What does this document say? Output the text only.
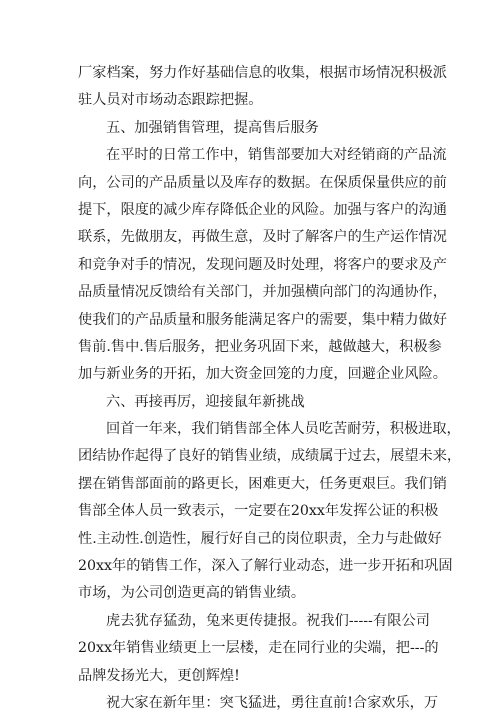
厂家档案，努力作好基础信息的收集，根据市场情况积极派
驻人员对市场动态跟踪把握。
五、加强销售管理，提高售后服务
在平时的日常工作中，销售部要加大对经销商的产品流
向，公司的产品质量以及库存的数据。在保质保量供应的前
提下，限度的减少库存降低企业的风险。加强与客户的沟通
联系，先做朋友，再做生意，及时了解客户的生产运作情况
和竞争对手的情况，发现问题及时处理，将客户的要求及产
品质量情况反馈给有关部门，并加强横向部门的沟通协作，
使我们的产品质量和服务能满足客户的需要，集中精力做好
售前.售中.售后服务，把业务巩固下来，越做越大，积极参
加与新业务的开拓，加大资金回笼的力度，回避企业风险。
六、再接再厉，迎接鼠年新挑战
回首一年来，我们销售部全体人员吃苦耐劳，积极进取，
团结协作起得了良好的销售业绩，成绩属于过去，展望未来，
摆在销售部面前的路更长，困难更大，任务更艰巨。我们销
售部全体人员一致表示，一定要在20xx年发挥公证的积极
性.主动性.创造性，履行好自己的岗位职责，全力与赴做好
20xx年的销售工作，深入了解行业动态，进一步开拓和巩固
市场，为公司创造更高的销售业绩。
虎去犹存猛劲，兔来更传捷报。祝我们-----有限公司
20xx年销售业绩更上一层楼，走在同行业的尖端，把---的
品牌发扬光大，更创辉煌!
祝大家在新年里：突飞猛进，勇往直前!合家欢乐，万
